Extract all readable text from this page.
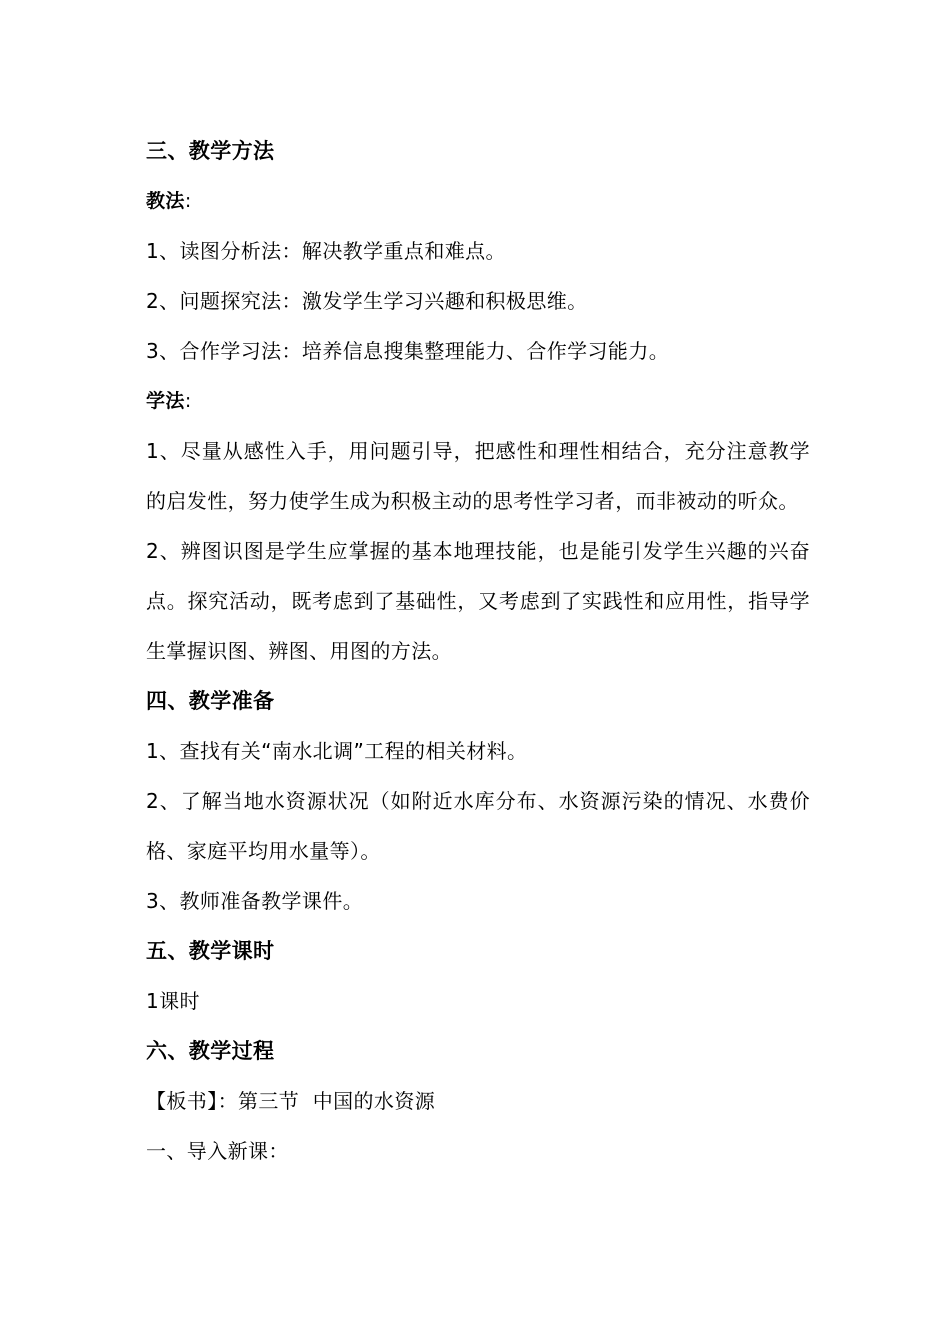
三、教学方法
教法:
1、读图分析法：解决教学重点和难点。
2、问题探究法：激发学生学习兴趣和积极思维。
3、合作学习法：培养信息搜集整理能力、合作学习能力。
学法:
1、尽量从感性入手，用问题引导，把感性和理性相结合，充分注意教学的启发性，努力使学生成为积极主动的思考性学习者，而非被动的听众。
2、辨图识图是学生应掌握的基本地理技能，也是能引发学生兴趣的兴奋点。探究活动，既考虑到了基础性，又考虑到了实践性和应用性，指导学生掌握识图、辨图、用图的方法。
四、教学准备
1、查找有关“南水北调”工程的相关材料。
2、了解当地水资源状况（如附近水库分布、水资源污染的情况、水费价格、家庭平均用水量等）。
3、教师准备教学课件。
五、教学课时
1课时
六、教学过程
【板书】：第三节  中国的水资源
一、导入新课：
